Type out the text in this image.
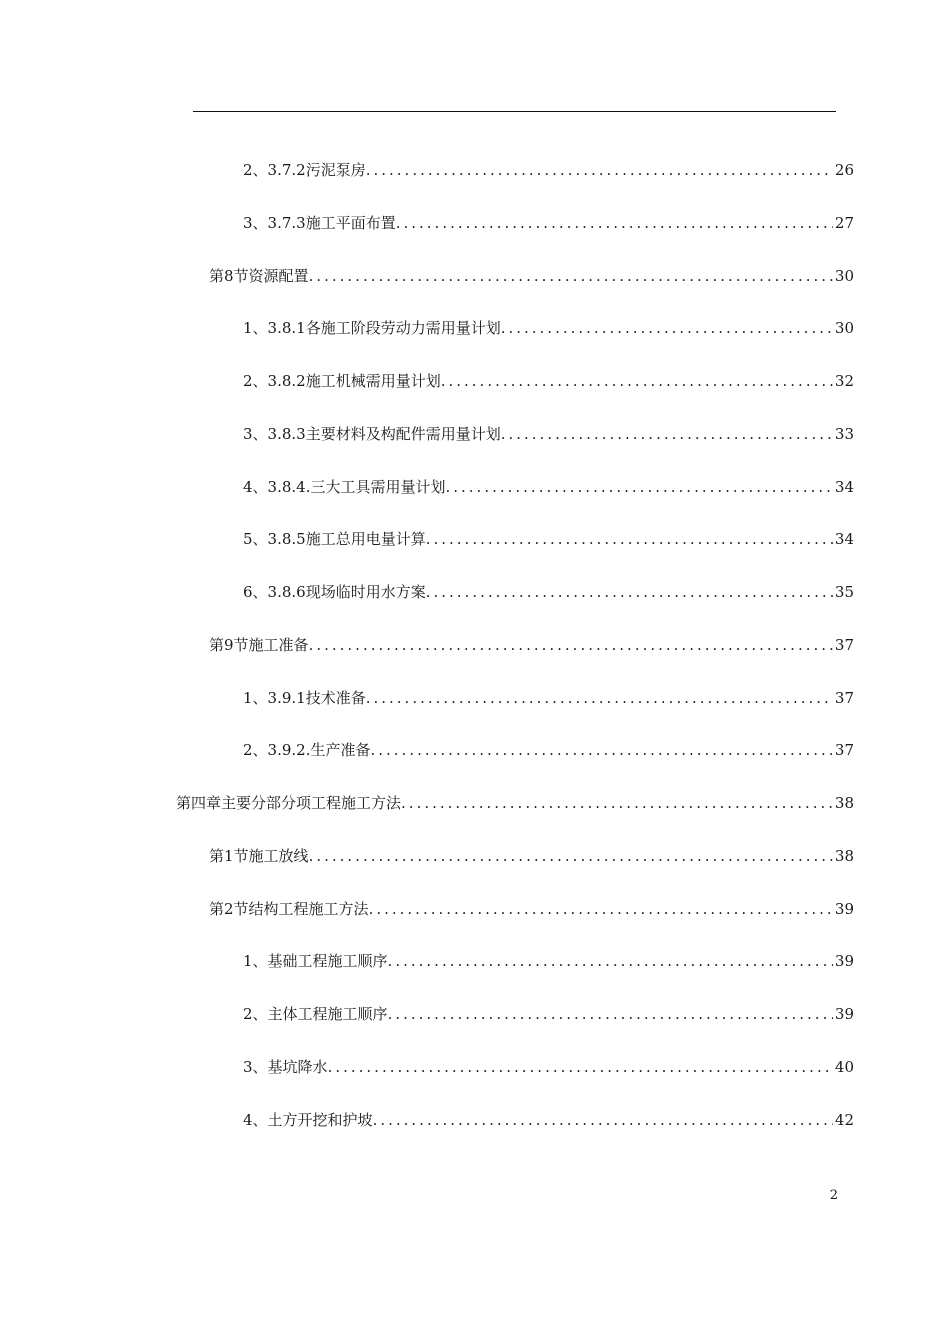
2、 3.7.2污泥泵房 .....	26
3、 3.7.3施工平面布置 .....	27
第8节 资源配置 .....	30
1、 3.8.1各施工阶段劳动力需用量计划 .....	30
2、 3.8.2施工机械需用量计划 .....	32
3、 3.8.3主要材料及构配件需用量计划 .....	33
4、 3.8.4.三大工具需用量计划 .....	34
5、 3.8.5施工总用电量计算 .....	34
6、 3.8.6现场临时用水方案 .....	35
第9节 施工准备 .....	37
1、 3.9.1技术准备 .....	37
2、 3.9.2.生产准备 .....	37
第四章 主要分部分项工程施工方法 .....	38
第1节 施工放线 .....	38
第2节 结构工程施工方法 .....	39
1、 基础工程施工顺序 .....	39
2、 主体工程施工顺序 .....	39
3、 基坑降水 .....	40
4、 土方开挖和护坡 .....	42
2
